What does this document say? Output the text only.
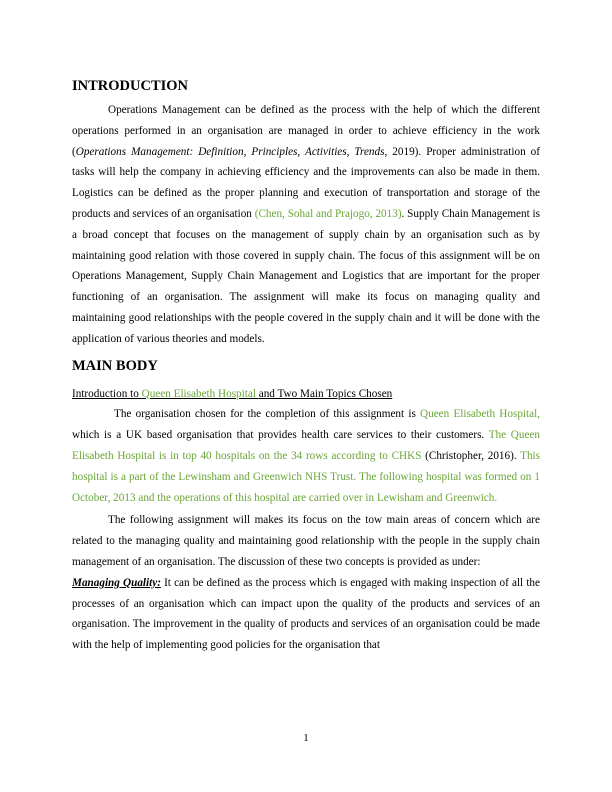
INTRODUCTION

Operations Management can be defined as the process with the help of which the different operations performed in an organisation are managed in order to achieve efficiency in the work (Operations Management: Definition, Principles, Activities, Trends, 2019). Proper administration of tasks will help the company in achieving efficiency and the improvements can also be made in them. Logistics can be defined as the proper planning and execution of transportation and storage of the products and services of an organisation (Chen, Sohal and Prajogo, 2013). Supply Chain Management is a broad concept that focuses on the management of supply chain by an organisation such as by maintaining good relation with those covered in supply chain. The focus of this assignment will be on Operations Management, Supply Chain Management and Logistics that are important for the proper functioning of an organisation. The assignment will make its focus on managing quality and maintaining good relationships with the people covered in the supply chain and it will be done with the application of various theories and models.

MAIN BODY
Introduction to Queen Elisabeth Hospital and Two Main Topics Chosen

The organisation chosen for the completion of this assignment is Queen Elisabeth Hospital, which is a UK based organisation that provides health care services to their customers. The Queen Elisabeth Hospital is in top 40 hospitals on the 34 rows according to CHKS (Christopher, 2016). This hospital is a part of the Lewinsham and Greenwich NHS Trust. The following hospital was formed on 1 October, 2013 and the operations of this hospital are carried over in Lewisham and Greenwich.

The following assignment will makes its focus on the tow main areas of concern which are related to the managing quality and maintaining good relationship with the people in the supply chain management of an organisation. The discussion of these two concepts is provided as under:

Managing Quality: It can be defined as the process which is engaged with making inspection of all the processes of an organisation which can impact upon the quality of the products and services of an organisation. The improvement in the quality of products and services of an organisation could be made with the help of implementing good policies for the organisation that

1
